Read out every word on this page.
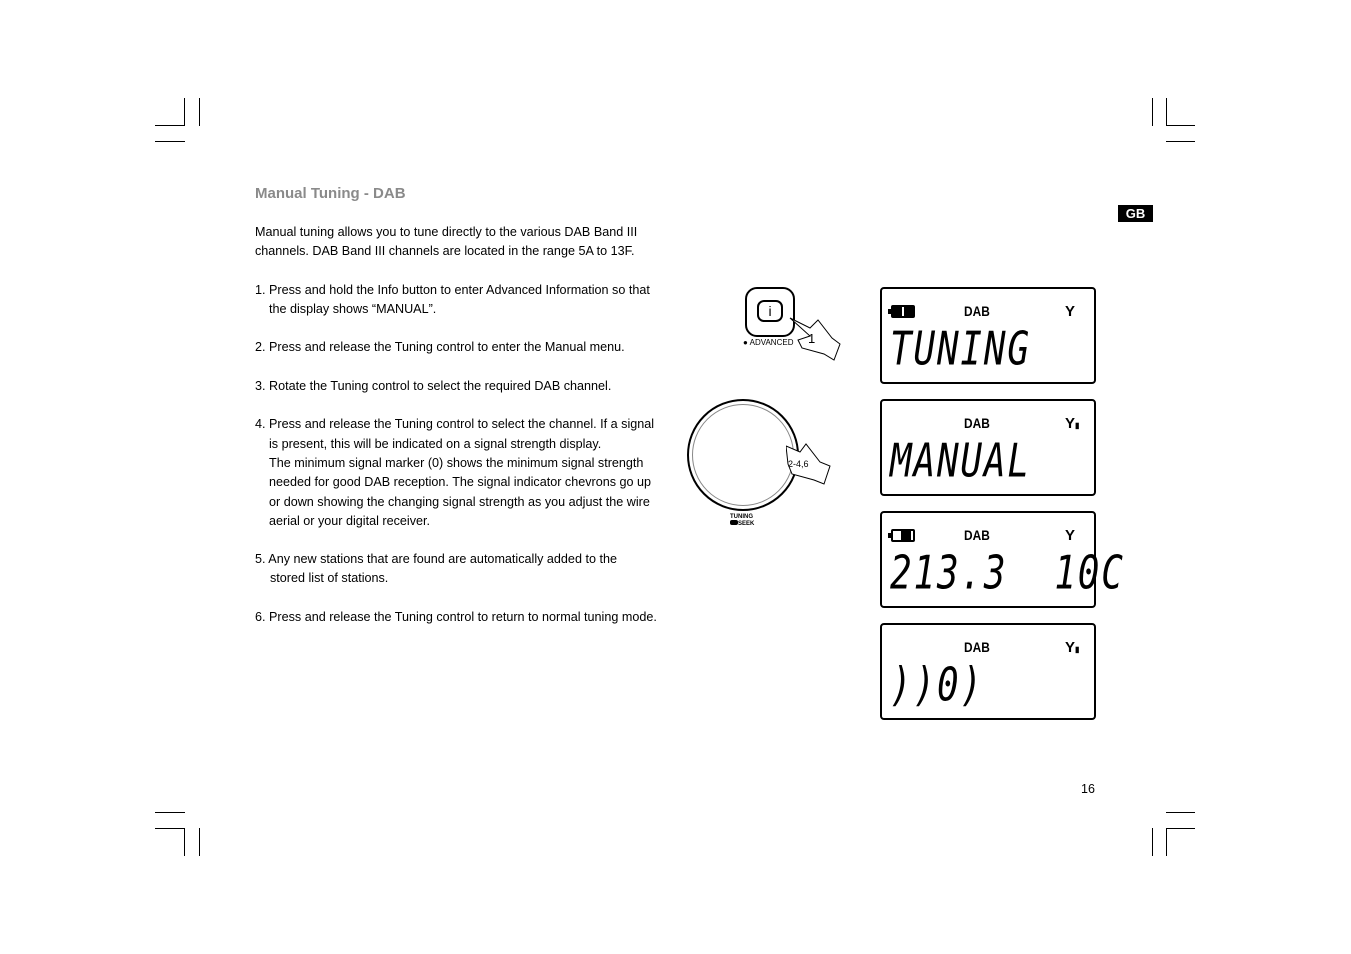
Manual Tuning - DAB
Manual tuning allows you to tune directly to the various DAB Band III
channels. DAB Band III channels are located in the range 5A to 13F.
1. Press and hold the Info button to enter Advanced Information so that
the display shows “MANUAL”.
2. Press and release the Tuning control to enter the Manual menu.
3. Rotate the Tuning control to select the required DAB channel.
4. Press and release the Tuning control to select the channel. If a signal
is present, this will be indicated on a signal strength display.
The minimum signal marker (0) shows the minimum signal strength
needed for good DAB reception. The signal indicator chevrons go up
or down showing the changing signal strength as you adjust the wire
aerial or your digital receiver.
5. Any new stations that are found are automatically added to the
stored list of stations.
6. Press and release the Tuning control to return to normal tuning mode.
GB
16
i
● ADVANCED 1
2-4,6
TUNING
SEEK
DAB	Y
TUNING
DAB	Y▮
MANUAL
DAB	Y
213.3  10C
DAB	Y▮
))0)
